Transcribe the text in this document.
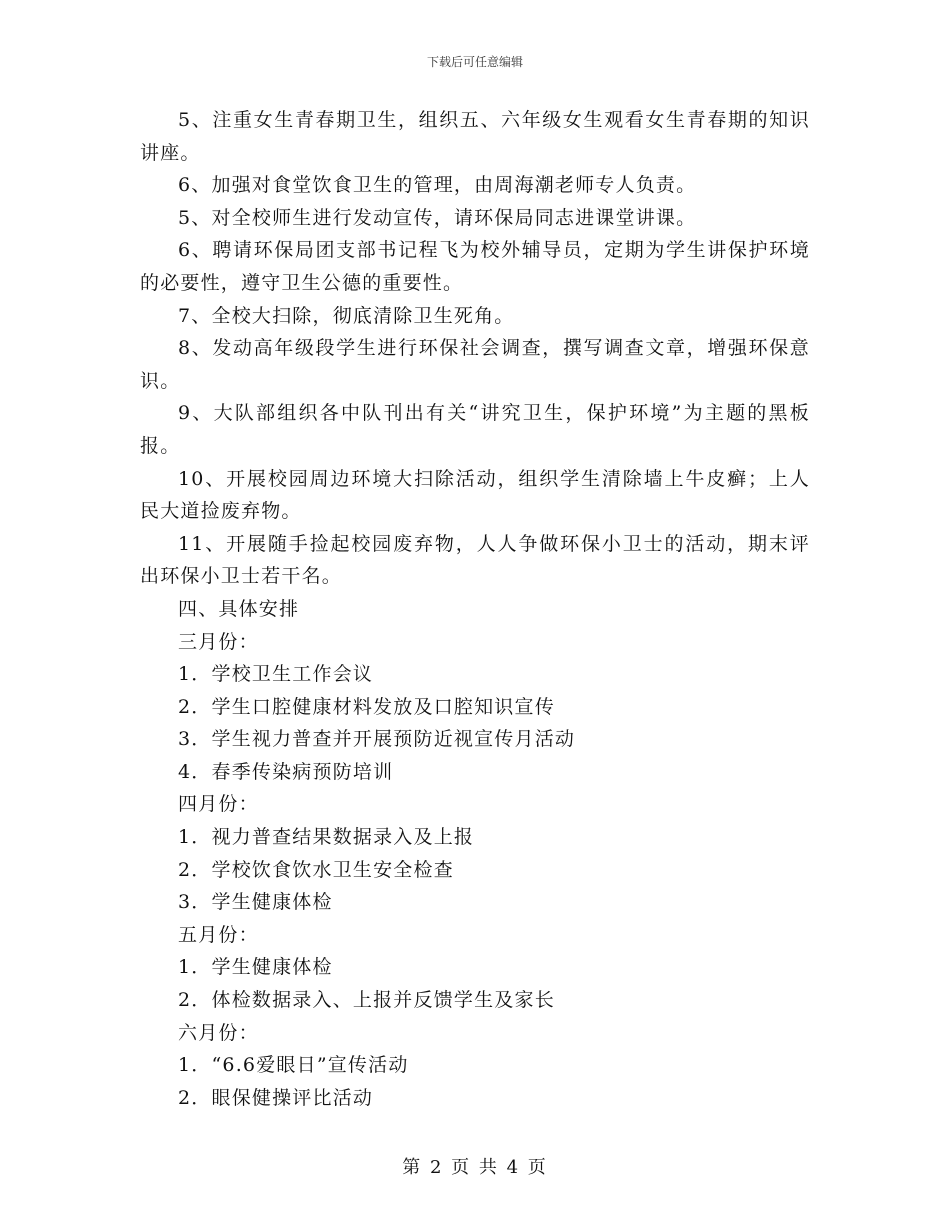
下载后可任意编辑

5、注重女生青春期卫生，组织五、六年级女生观看女生青春期的知识讲座。

6、加强对食堂饮食卫生的管理，由周海潮老师专人负责。

5、对全校师生进行发动宣传，请环保局同志进课堂讲课。

6、聘请环保局团支部书记程飞为校外辅导员，定期为学生讲保护环境的必要性，遵守卫生公德的重要性。

7、全校大扫除，彻底清除卫生死角。

8、发动高年级段学生进行环保社会调查，撰写调查文章，增强环保意识。

9、大队部组织各中队刊出有关“讲究卫生，保护环境”为主题的黑板报。

10、开展校园周边环境大扫除活动，组织学生清除墙上牛皮癣；上人民大道捡废弃物。

11、开展随手捡起校园废弃物，人人争做环保小卫士的活动，期末评出环保小卫士若干名。

四、具体安排

三月份：

1．学校卫生工作会议

2．学生口腔健康材料发放及口腔知识宣传

3．学生视力普查并开展预防近视宣传月活动

4．春季传染病预防培训

四月份：

1．视力普查结果数据录入及上报

2．学校饮食饮水卫生安全检查

3．学生健康体检

五月份：

1．学生健康体检

2．体检数据录入、上报并反馈学生及家长

六月份：

1．“6.6爱眼日”宣传活动

2．眼保健操评比活动

第 2 页 共 4 页
